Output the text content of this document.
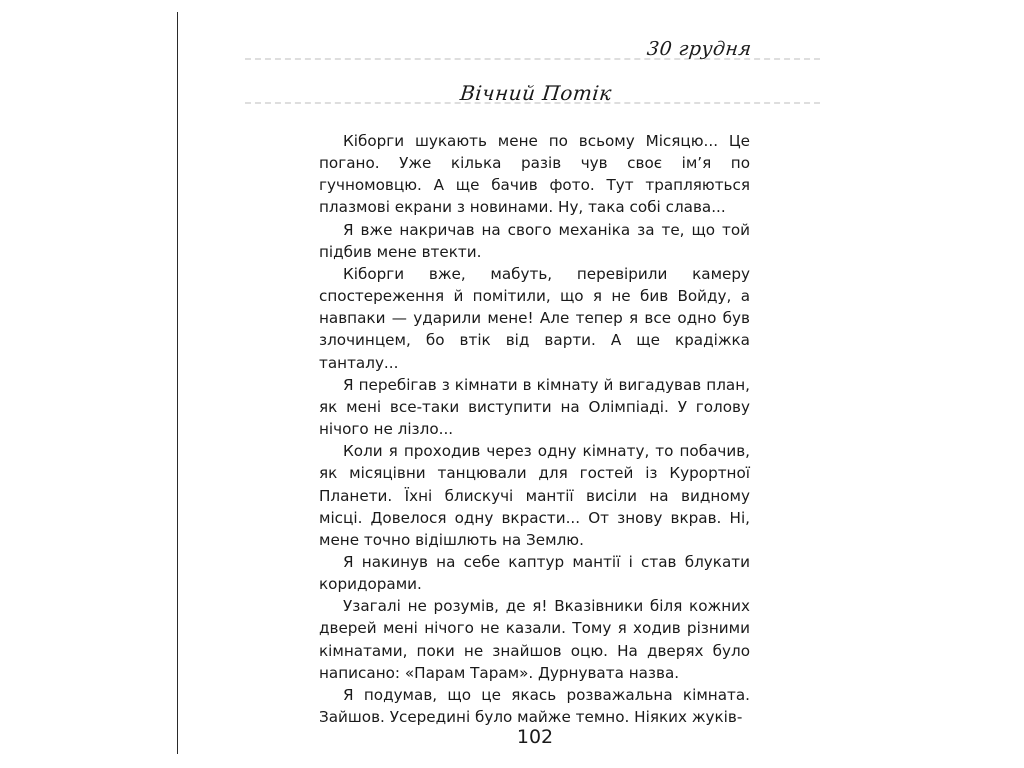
30 грудня
Вічний Потік

Кіборги шукають мене по всьому Місяцю... Це погано. Уже кілька разів чув своє ім’я по гучномовцю. А ще бачив фото. Тут трапляються плазмові екрани з новинами. Ну, така собі слава...

Я вже накричав на свого механіка за те, що той підбив мене втекти.

Кіборги вже, мабуть, перевірили камеру спостереження й помітили, що я не бив Войду, а навпаки — ударили мене! Але тепер я все одно був злочинцем, бо втік від варти. А ще крадіжка танталу...

Я перебігав з кімнати в кімнату й вигадував план, як мені все-таки виступити на Олімпіаді. У голову нічого не лізло...

Коли я проходив через одну кімнату, то побачив, як місяцівни танцювали для гостей із Курортної Планети. Їхні блискучі мантії висіли на видному місці. Довелося одну вкрасти... От знову вкрав. Ні, мене точно відішлють на Землю.

Я накинув на себе каптур мантії і став блукати коридорами.

Узагалі не розумів, де я! Вказівники біля кожних дверей мені нічого не казали. Тому я ходив різними кімнатами, поки не знайшов оцю. На дверях було написано: «Парам Тарам». Дурнувата назва.

Я подумав, що це якась розважальна кімната. Зайшов. Усередині було майже темно. Ніяких жуків-

102
